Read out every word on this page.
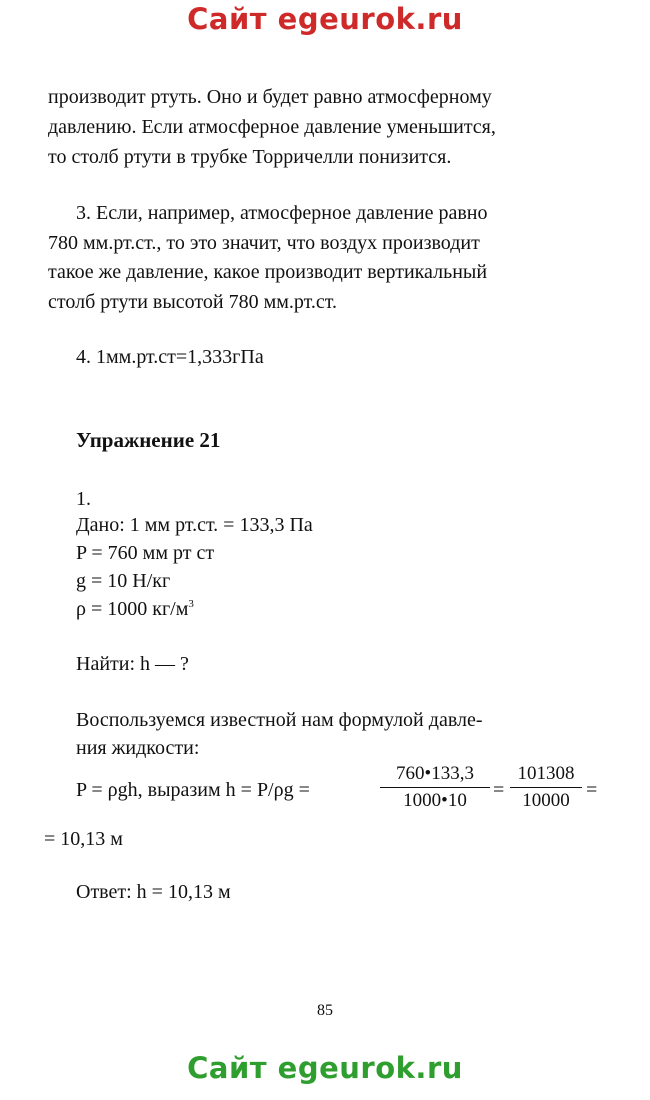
Сайт egeurok.ru

производит ртуть. Оно и будет равно атмосферному

давлению. Если атмосферное давление уменьшится,

то столб ртути в трубке Торричелли понизится.

3. Если, например, атмосферное давление равно

780 мм.рт.ст., то это значит, что воздух производит

такое же давление, какое производит вертикальный

столб ртути высотой 780 мм.рт.ст.

4. 1мм.рт.ст=1,333гПа

Упражнение 21

1.

Дано: 1 мм рт.ст. = 133,3 Па

P = 760 мм рт ст

g = 10 Н/кг

ρ = 1000 $кг/м^3$

Найти: h — ?

Воспользуемся известной нам формулой давле-

ния жидкости:

P = ρgh, выразим h = P/ρg =

760•133,3
1000•10	=
101308
10000 =

= 10,13 м

Ответ: h = 10,13 м

85
Сайт egeurok.ru
